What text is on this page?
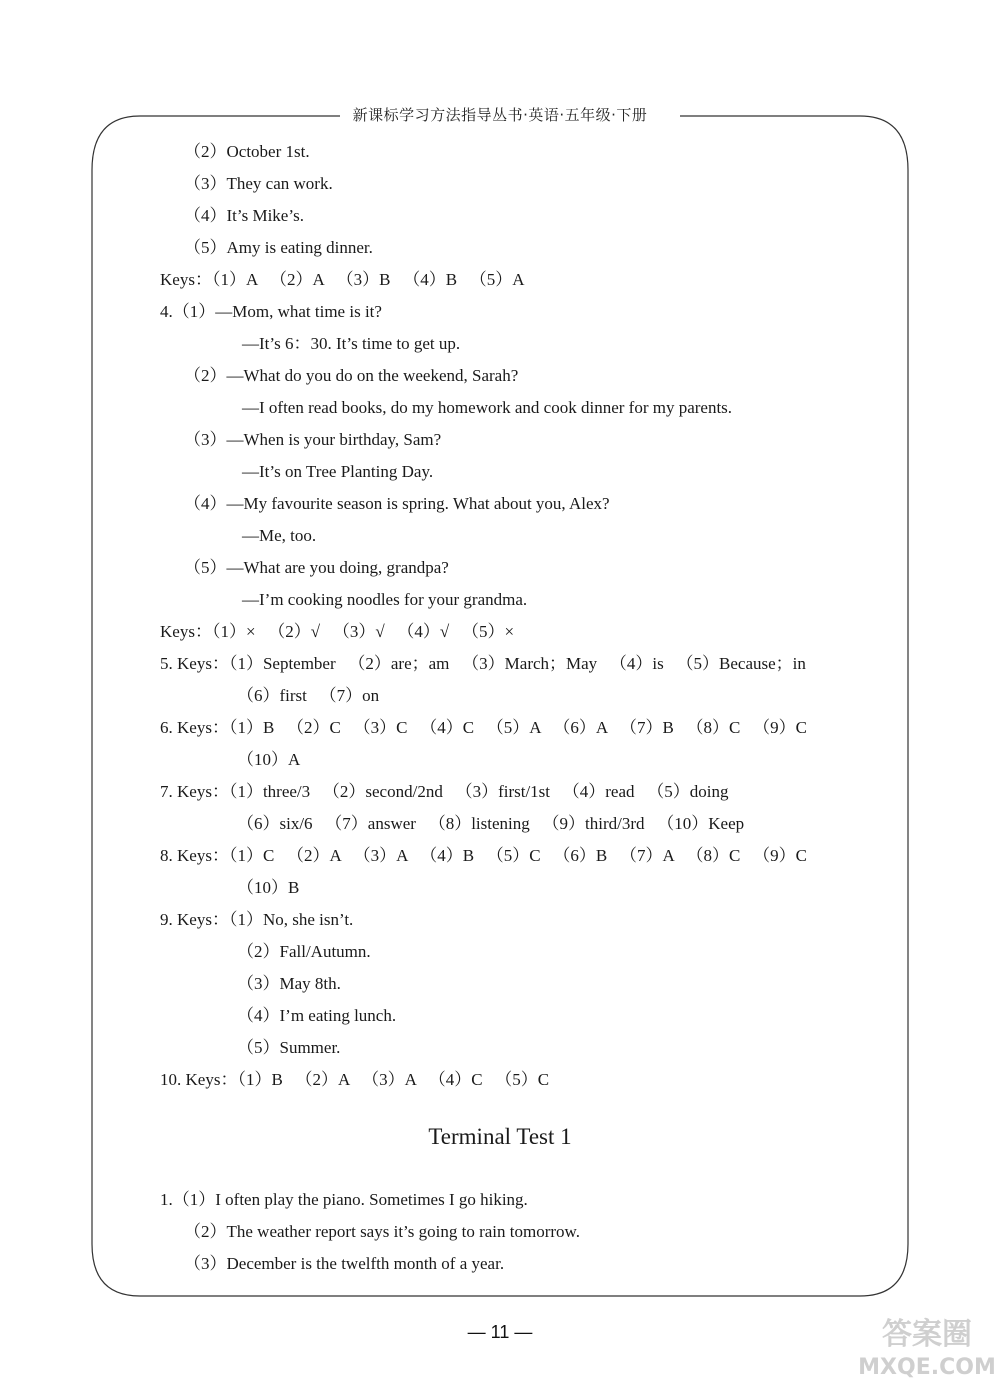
新课标学习方法指导丛书·英语·五年级·下册
（2）October 1st.
（3）They can work.
（4）It’s Mike’s.
（5）Amy is eating dinner.
Keys：（1）A   （2）A   （3）B   （4）B   （5）A
4.（1）—Mom, what time is it?
—It’s 6：30. It’s time to get up.
（2）—What do you do on the weekend, Sarah?
—I often read books, do my homework and cook dinner for my parents.
（3）—When is your birthday, Sam?
—It’s on Tree Planting Day.
（4）—My favourite season is spring. What about you, Alex?
—Me, too.
（5）—What are you doing, grandpa?
—I’m cooking noodles for your grandma.
Keys：（1）×   （2）√   （3）√   （4）√   （5）×
5. Keys：（1）September   （2）are；am   （3）March；May   （4）is   （5）Because；in
（6）first   （7）on
6. Keys：（1）B   （2）C   （3）C   （4）C   （5）A   （6）A   （7）B   （8）C   （9）C
（10）A
7. Keys：（1）three/3   （2）second/2nd   （3）first/1st   （4）read   （5）doing
（6）six/6   （7）answer   （8）listening   （9）third/3rd   （10）Keep
8. Keys：（1）C   （2）A   （3）A   （4）B   （5）C   （6）B   （7）A   （8）C   （9）C
（10）B
9. Keys：（1）No, she isn’t.
（2）Fall/Autumn.
（3）May 8th.
（4）I’m eating lunch.
（5）Summer.
10. Keys：（1）B   （2）A   （3）A   （4）C   （5）C
Terminal Test 1
1.（1）I often play the piano. Sometimes I go hiking.
（2）The weather report says it’s going to rain tomorrow.
（3）December is the twelfth month of a year.
— 11 —	答案圈
MXQE.COM
